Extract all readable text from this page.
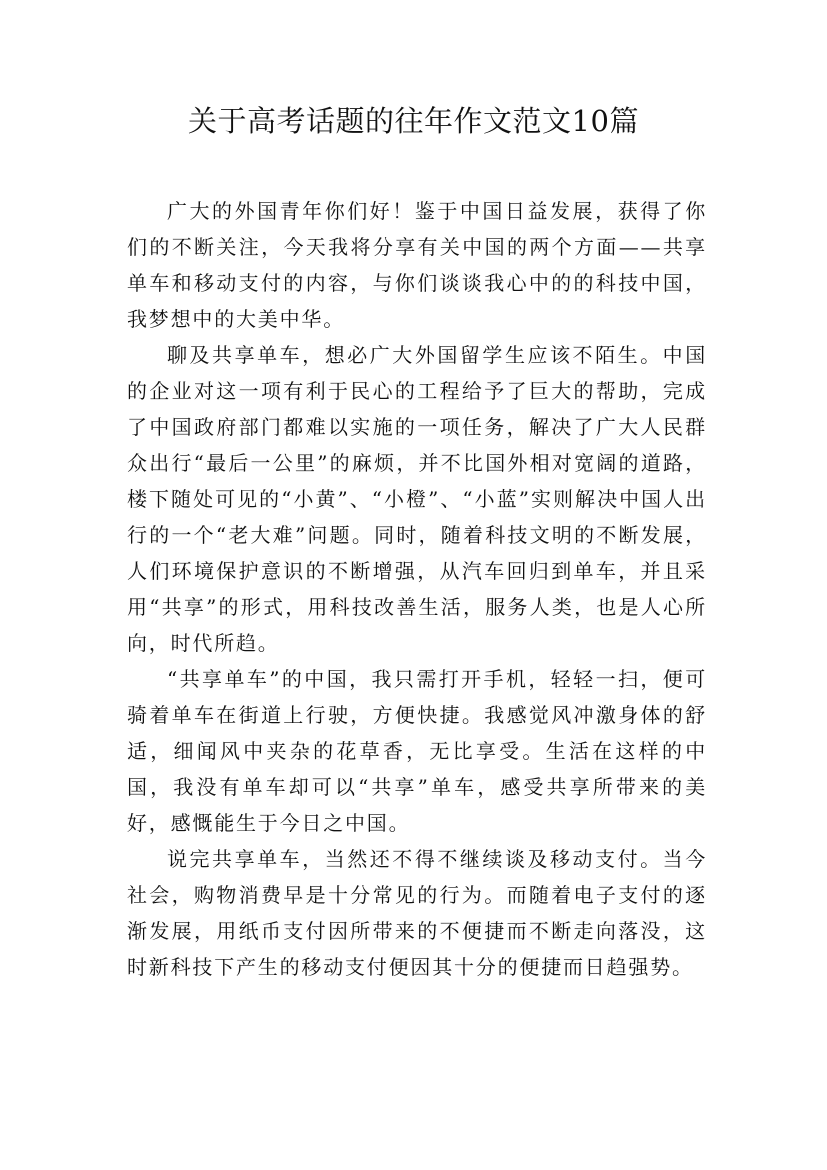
关于高考话题的往年作文范文10篇

广大的外国青年你们好！鉴于中国日益发展，获得了你们的不断关注，今天我将分享有关中国的两个方面——共享单车和移动支付的内容，与你们谈谈我心中的的科技中国，我梦想中的大美中华。

聊及共享单车，想必广大外国留学生应该不陌生。中国的企业对这一项有利于民心的工程给予了巨大的帮助，完成了中国政府部门都难以实施的一项任务，解决了广大人民群众出行“最后一公里”的麻烦，并不比国外相对宽阔的道路，楼下随处可见的“小黄”、“小橙”、“小蓝”实则解决中国人出行的一个“老大难”问题。同时，随着科技文明的不断发展，人们环境保护意识的不断增强，从汽车回归到单车，并且采用“共享”的形式，用科技改善生活，服务人类，也是人心所向，时代所趋。

“共享单车”的中国，我只需打开手机，轻轻一扫，便可骑着单车在街道上行驶，方便快捷。我感觉风冲激身体的舒适，细闻风中夹杂的花草香，无比享受。生活在这样的中国，我没有单车却可以“共享”单车，感受共享所带来的美好，感慨能生于今日之中国。

说完共享单车，当然还不得不继续谈及移动支付。当今社会，购物消费早是十分常见的行为。而随着电子支付的逐渐发展，用纸币支付因所带来的不便捷而不断走向落没，这时新科技下产生的移动支付便因其十分的便捷而日趋强势。
